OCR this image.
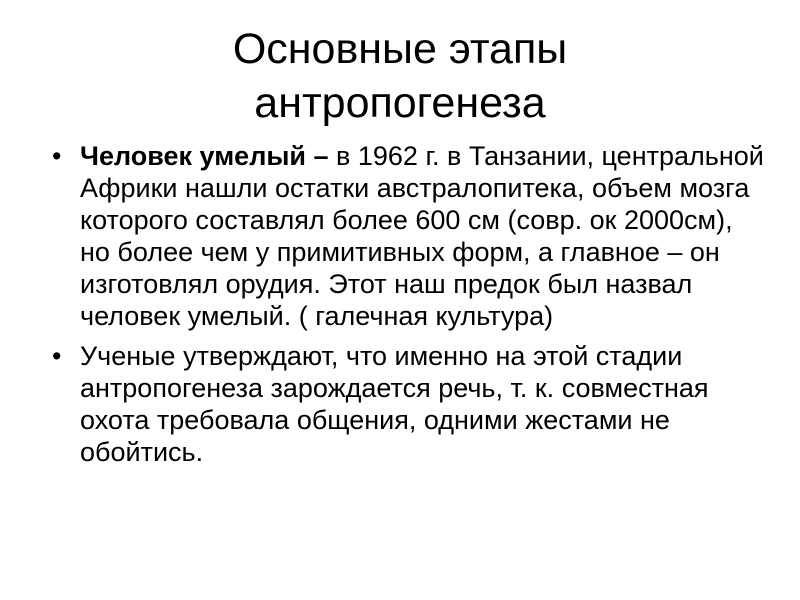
Основные этапы
антропогенеза
• Человек умелый – в 1962 г. в Танзании, центральной Африки нашли остатки австралопитека, объем мозга которого составлял более 600 см (совр. ок 2000см), но более чем у примитивных форм, а главное – он изготовлял орудия. Этот наш предок был назвал человек умелый. ( галечная культура)
• Ученые утверждают, что именно на этой стадии антропогенеза зарождается речь, т. к. совместная охота требовала общения, одними жестами не обойтись.
